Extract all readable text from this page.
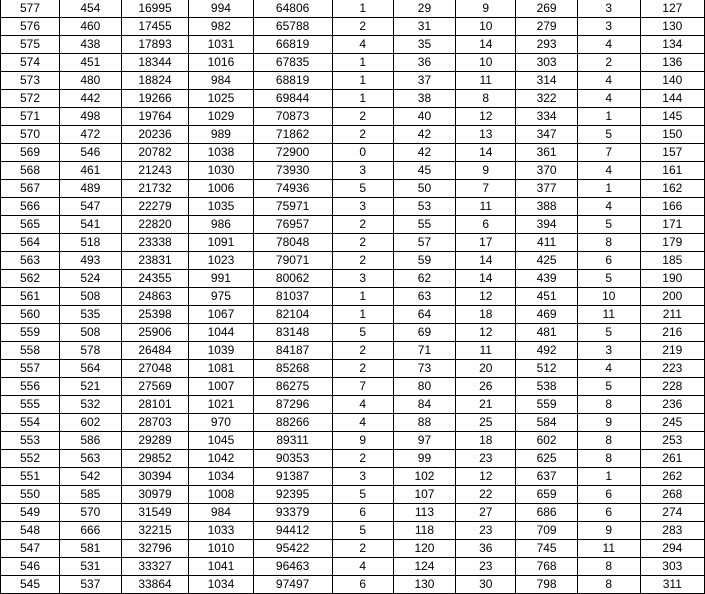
577	454	16995	994	64806	1	29	9	269	3	127
576	460	17455	982	65788	2	31	10	279	3	130
575	438	17893	1031	66819	4	35	14	293	4	134
574	451	18344	1016	67835	1	36	10	303	2	136
573	480	18824	984	68819	1	37	11	314	4	140
572	442	19266	1025	69844	1	38	8	322	4	144
571	498	19764	1029	70873	2	40	12	334	1	145
570	472	20236	989	71862	2	42	13	347	5	150
569	546	20782	1038	72900	0	42	14	361	7	157
568	461	21243	1030	73930	3	45	9	370	4	161
567	489	21732	1006	74936	5	50	7	377	1	162
566	547	22279	1035	75971	3	53	11	388	4	166
565	541	22820	986	76957	2	55	6	394	5	171
564	518	23338	1091	78048	2	57	17	411	8	179
563	493	23831	1023	79071	2	59	14	425	6	185
562	524	24355	991	80062	3	62	14	439	5	190
561	508	24863	975	81037	1	63	12	451	10	200
560	535	25398	1067	82104	1	64	18	469	11	211
559	508	25906	1044	83148	5	69	12	481	5	216
558	578	26484	1039	84187	2	71	11	492	3	219
557	564	27048	1081	85268	2	73	20	512	4	223
556	521	27569	1007	86275	7	80	26	538	5	228
555	532	28101	1021	87296	4	84	21	559	8	236
554	602	28703	970	88266	4	88	25	584	9	245
553	586	29289	1045	89311	9	97	18	602	8	253
552	563	29852	1042	90353	2	99	23	625	8	261
551	542	30394	1034	91387	3	102	12	637	1	262
550	585	30979	1008	92395	5	107	22	659	6	268
549	570	31549	984	93379	6	113	27	686	6	274
548	666	32215	1033	94412	5	118	23	709	9	283
547	581	32796	1010	95422	2	120	36	745	11	294
546	531	33327	1041	96463	4	124	23	768	8	303
545	537	33864	1034	97497	6	130	30	798	8	311
